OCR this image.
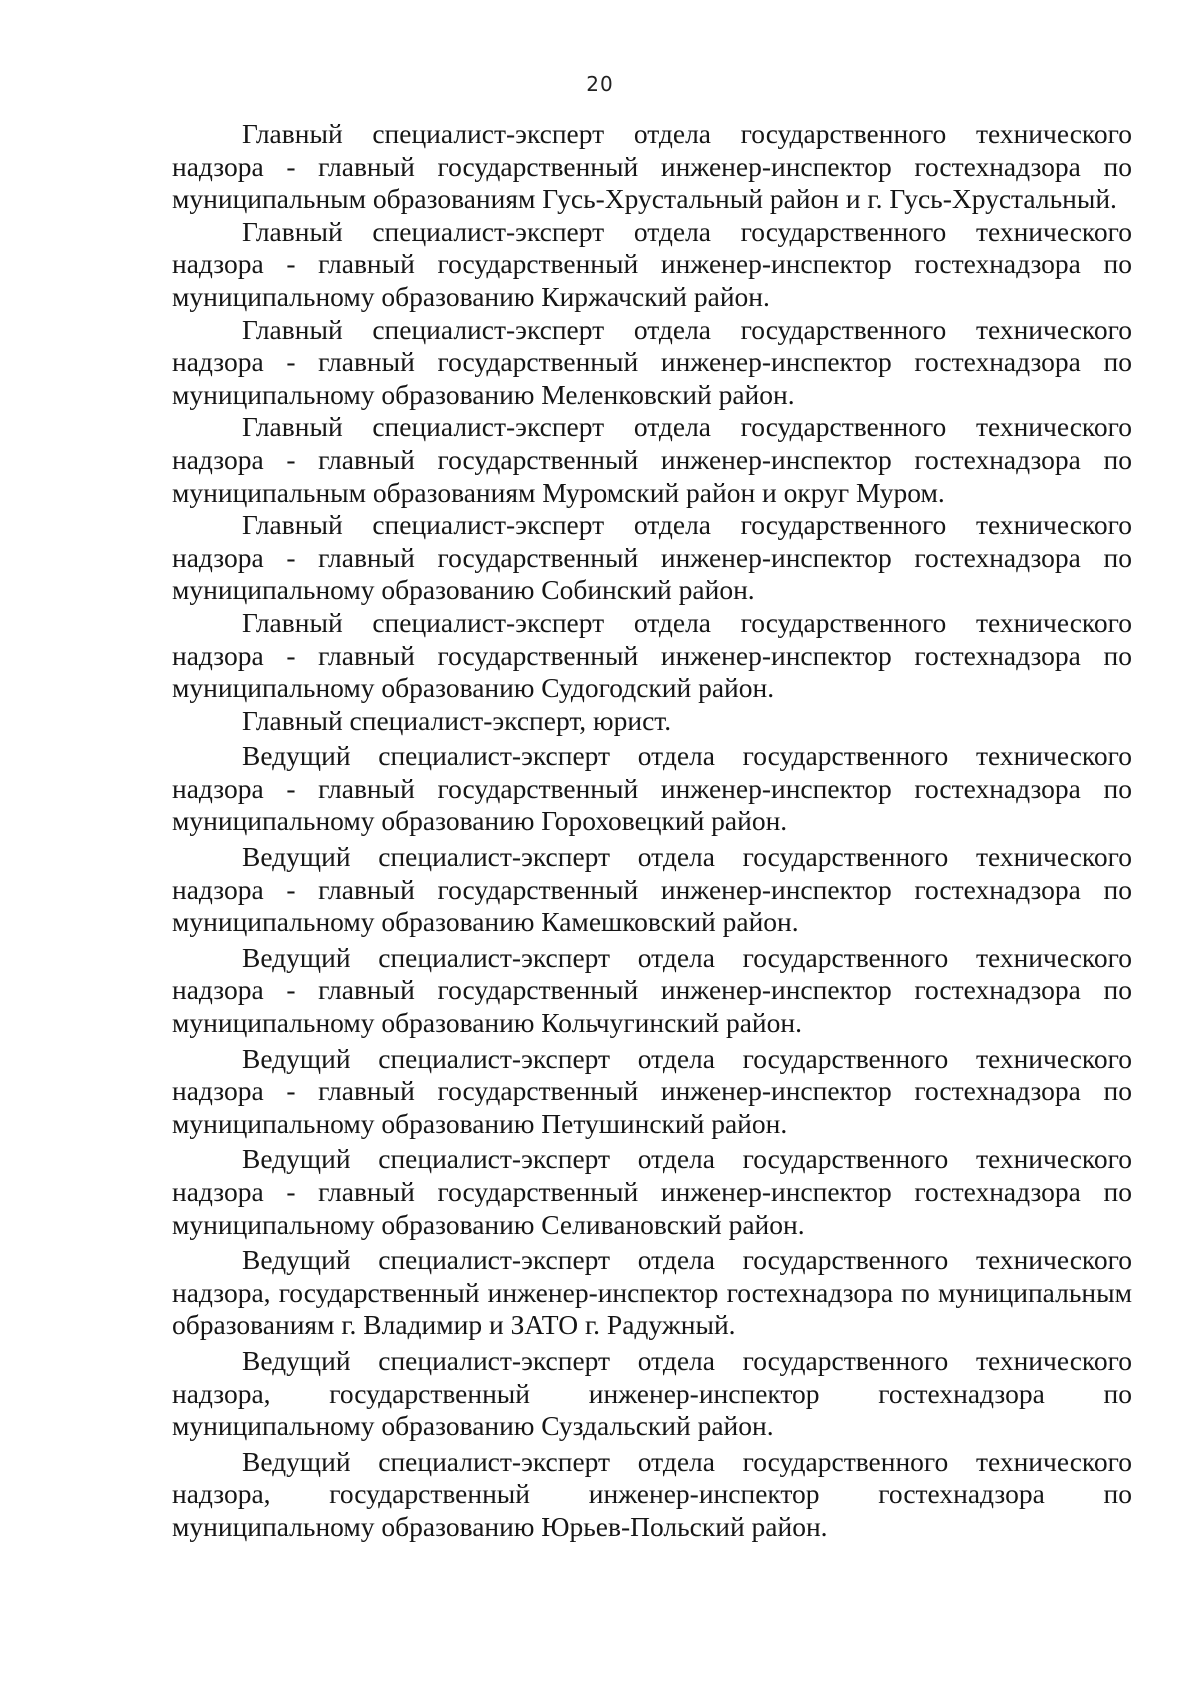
20

Главный специалист-эксперт отдела государственного технического надзора - главный государственный инженер-инспектор гостехнадзора по муниципальным образованиям Гусь-Хрустальный район и г. Гусь-Хрустальный.

Главный специалист-эксперт отдела государственного технического надзора - главный государственный инженер-инспектор гостехнадзора по муниципальному образованию Киржачский район.

Главный специалист-эксперт отдела государственного технического надзора - главный государственный инженер-инспектор гостехнадзора по муниципальному образованию Меленковский район.

Главный специалист-эксперт отдела государственного технического надзора - главный государственный инженер-инспектор гостехнадзора по муниципальным образованиям Муромский район и округ Муром.

Главный специалист-эксперт отдела государственного технического надзора - главный государственный инженер-инспектор гостехнадзора по муниципальному образованию Собинский район.

Главный специалист-эксперт отдела государственного технического надзора - главный государственный инженер-инспектор гостехнадзора по муниципальному образованию Судогодский район.

Главный специалист-эксперт, юрист.

Ведущий специалист-эксперт отдела государственного технического надзора - главный государственный инженер-инспектор гостехнадзора по муниципальному образованию Гороховецкий район.

Ведущий специалист-эксперт отдела государственного технического надзора - главный государственный инженер-инспектор гостехнадзора по муниципальному образованию Камешковский район.

Ведущий специалист-эксперт отдела государственного технического надзора - главный государственный инженер-инспектор гостехнадзора по муниципальному образованию Кольчугинский район.

Ведущий специалист-эксперт отдела государственного технического надзора - главный государственный инженер-инспектор гостехнадзора по муниципальному образованию Петушинский район.

Ведущий специалист-эксперт отдела государственного технического надзора - главный государственный инженер-инспектор гостехнадзора по муниципальному образованию Селивановский район.

Ведущий специалист-эксперт отдела государственного технического надзора, государственный инженер-инспектор гостехнадзора по муниципальным образованиям г. Владимир и ЗАТО г. Радужный.

Ведущий специалист-эксперт отдела государственного технического надзора, государственный инженер-инспектор гостехнадзора по муниципальному образованию Суздальский район.

Ведущий специалист-эксперт отдела государственного технического надзора, государственный инженер-инспектор гостехнадзора по муниципальному образованию Юрьев-Польский район.
